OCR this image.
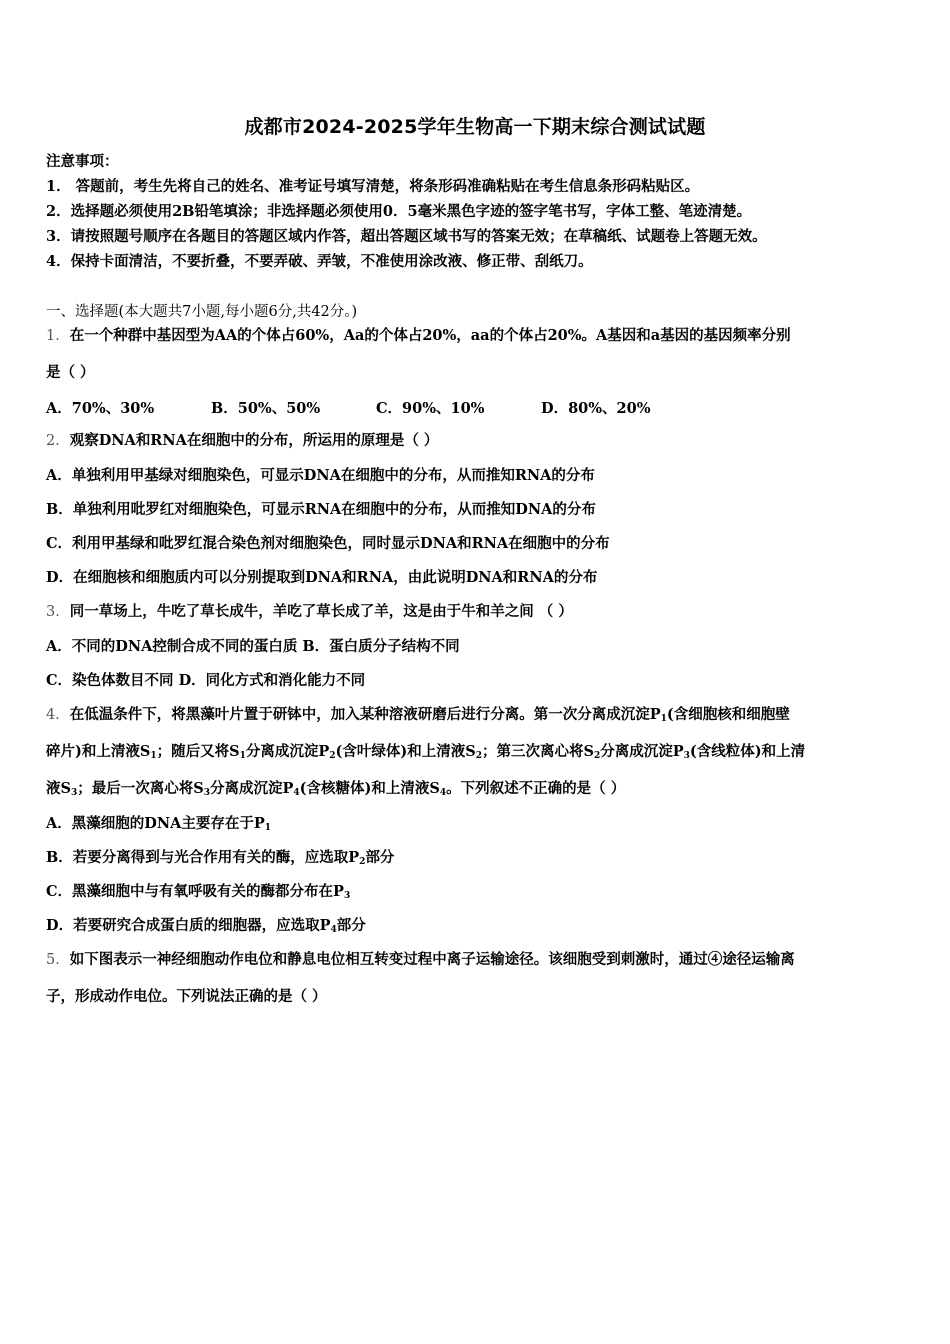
成都市2024-2025学年生物高一下期末综合测试试题
注意事项：
1． 答题前，考生先将自己的姓名、准考证号填写清楚，将条形码准确粘贴在考生信息条形码粘贴区。
2．选择题必须使用2B铅笔填涂；非选择题必须使用0．5毫米黑色字迹的签字笔书写，字体工整、笔迹清楚。
3．请按照题号顺序在各题目的答题区域内作答，超出答题区域书写的答案无效；在草稿纸、试题卷上答题无效。
4．保持卡面清洁，不要折叠，不要弄破、弄皱，不准使用涂改液、修正带、刮纸刀。
一、选择题(本大题共7小题,每小题6分,共42分。)
1．在一个种群中基因型为AA的个体占60%，Aa的个体占20%，aa的个体占20%。A基因和a基因的基因频率分别
是（ ）
A．70%、30%	B．50%、50%	C．90%、10%	D．80%、20%
2．观察DNA和RNA在细胞中的分布，所运用的原理是（ ）
A．单独利用甲基绿对细胞染色，可显示DNA在细胞中的分布，从而推知RNA的分布
B．单独利用吡罗红对细胞染色，可显示RNA在细胞中的分布，从而推知DNA的分布
C．利用甲基绿和吡罗红混合染色剂对细胞染色，同时显示DNA和RNA在细胞中的分布
D．在细胞核和细胞质内可以分别提取到DNA和RNA，由此说明DNA和RNA的分布
3．同一草场上，牛吃了草长成牛，羊吃了草长成了羊，这是由于牛和羊之间 （ ）
A．不同的DNA控制合成不同的蛋白质 B．蛋白质分子结构不同
C．染色体数目不同 D．同化方式和消化能力不同
4．在低温条件下，将黑藻叶片置于研钵中，加入某种溶液研磨后进行分离。第一次分离成沉淀$P_1$(含细胞核和细胞壁
碎片)和上清液$S_1$；随后又将$S_1$分离成沉淀$P_2$(含叶绿体)和上清液$S_2$；第三次离心将$S_2$分离成沉淀$P_3$(含线粒体)和上清
液$S_3$；最后一次离心将$S_3$分离成沉淀$P_4$(含核糖体)和上清液$S_4$。下列叙述不正确的是（ ）
A．黑藻细胞的DNA主要存在于$P_1$
B．若要分离得到与光合作用有关的酶，应选取$P_2$部分
C．黑藻细胞中与有氧呼吸有关的酶都分布在$P_3$
D．若要研究合成蛋白质的细胞器，应选取$P_4$部分
5．如下图表示一神经细胞动作电位和静息电位相互转变过程中离子运输途径。该细胞受到刺激时，通过④途径运输离
子，形成动作电位。下列说法正确的是（ ）
